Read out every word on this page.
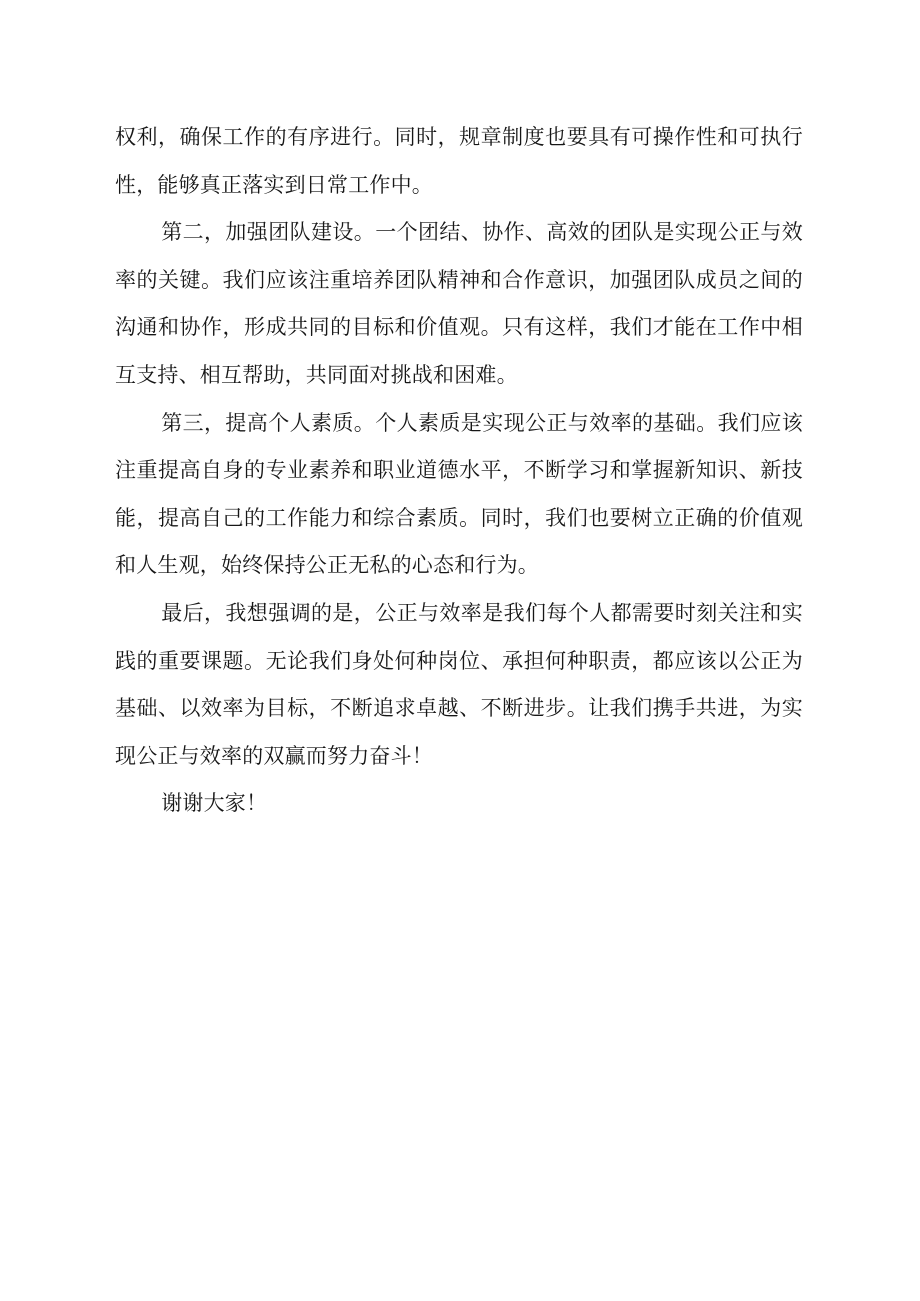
权利，确保工作的有序进行。同时，规章制度也要具有可操作性和可执行性，能够真正落实到日常工作中。

第二，加强团队建设。一个团结、协作、高效的团队是实现公正与效率的关键。我们应该注重培养团队精神和合作意识，加强团队成员之间的沟通和协作，形成共同的目标和价值观。只有这样，我们才能在工作中相互支持、相互帮助，共同面对挑战和困难。

第三，提高个人素质。个人素质是实现公正与效率的基础。我们应该注重提高自身的专业素养和职业道德水平，不断学习和掌握新知识、新技能，提高自己的工作能力和综合素质。同时，我们也要树立正确的价值观和人生观，始终保持公正无私的心态和行为。

最后，我想强调的是，公正与效率是我们每个人都需要时刻关注和实践的重要课题。无论我们身处何种岗位、承担何种职责，都应该以公正为基础、以效率为目标，不断追求卓越、不断进步。让我们携手共进，为实现公正与效率的双赢而努力奋斗！

谢谢大家！
